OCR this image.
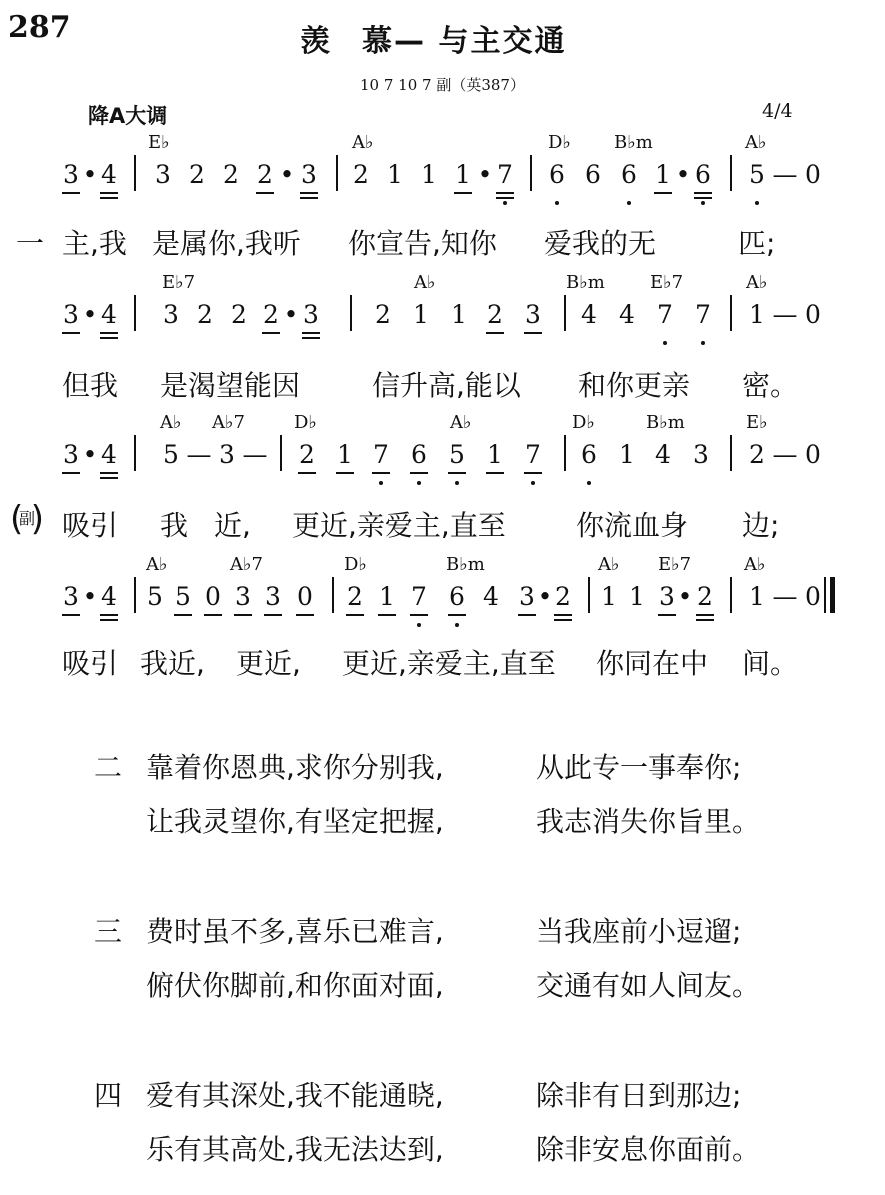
287	羡 慕— 与主交通
10 7 10 7 副（英387）
降A大调	4/4
E♭	A♭	D♭ B♭m	A♭
3 • 4 3 2 2 2 • 3 2 1 1 1 • 7 6 6 6 1 • 6 5 — 0
一 主,我 是属你,我听 你宣告,知你 爱我的无	匹;
E♭7	A♭	B♭m	E♭7	A♭
3 • 4 3 2 2 2 • 3 2 1 1 2 3 4 4 7 7 1 — 0
但我 是渴望能因	信升高,能以 和你更亲 密。
A♭ A♭7	D♭	A♭	D♭	B♭m	E♭
3 • 4 5 — 3 — 2 1 7 6 5 1 7 6 1 4 3 2 — 0
( 副 ) 吸引 我 近, 更近,亲爱主,直至	你流血身 边;
A♭	A♭7	D♭	B♭m	A♭ E♭7	A♭
3 • 4 5 5 0 3 3 0 2 1 7 6 4 3 • 2 1 1 3 • 2 1 — 0
吸引 我近, 更近, 更近,亲爱主,直至 你同在中 间。
二 靠着你恩典,求你分别我,	从此专一事奉你;
让我灵望你,有坚定把握,	我志消失你旨里。
三 费时虽不多,喜乐已难言,	当我座前小逗遛;
俯伏你脚前,和你面对面,	交通有如人间友。
四 爱有其深处,我不能通晓,	除非有日到那边;
乐有其高处,我无法达到,	除非安息你面前。
